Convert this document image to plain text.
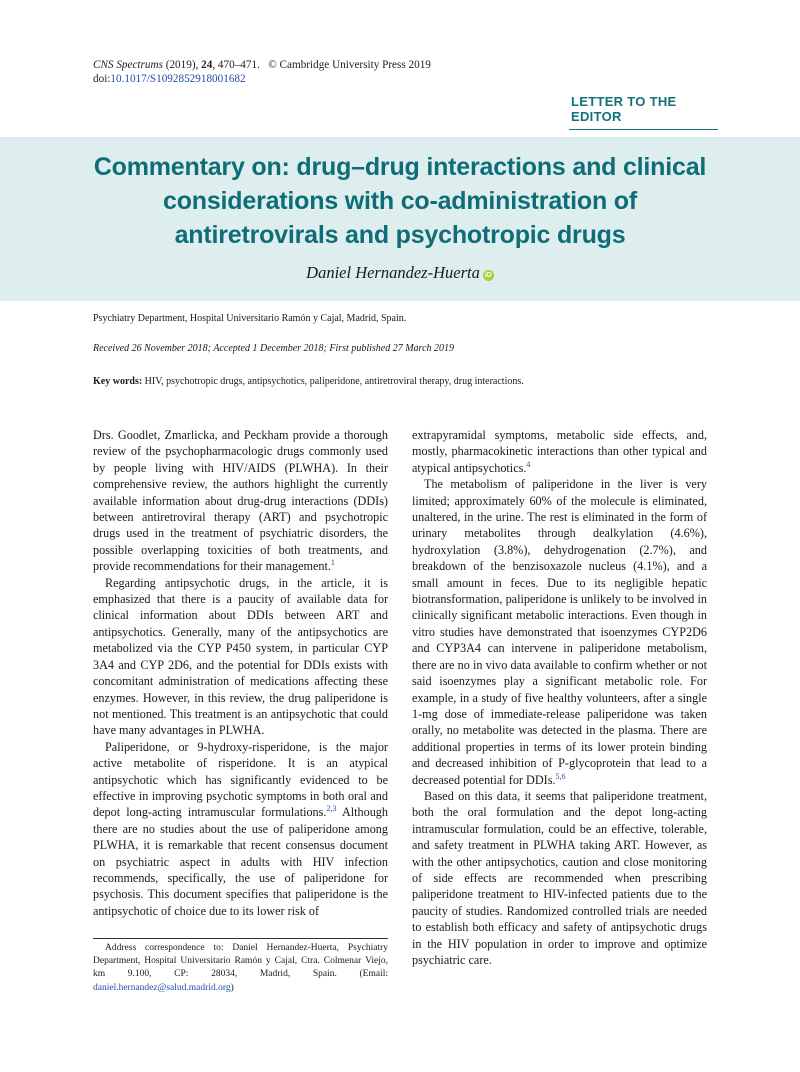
CNS Spectrums (2019), 24, 470–471. © Cambridge University Press 2019
doi:10.1017/S1092852918001682
LETTER TO THE EDITOR
Commentary on: drug–drug interactions and clinical considerations with co-administration of antiretrovirals and psychotropic drugs
Daniel Hernandez-Huerta iD
Psychiatry Department, Hospital Universitario Ramón y Cajal, Madrid, Spain.
Received 26 November 2018; Accepted 1 December 2018; First published 27 March 2019
Key words: HIV, psychotropic drugs, antipsychotics, paliperidone, antiretroviral therapy, drug interactions.

Drs. Goodlet, Zmarlicka, and Peckham provide a thorough review of the psychopharmacologic drugs commonly used by people living with HIV/AIDS (PLWHA). In their comprehensive review, the authors highlight the currently available information about drug-drug interactions (DDIs) between antiretroviral therapy (ART) and psychotropic drugs used in the treatment of psychiatric disorders, the possible overlapping toxicities of both treatments, and provide recommendations for their management.$^1$

Regarding antipsychotic drugs, in the article, it is emphasized that there is a paucity of available data for clinical information about DDIs between ART and antipsychotics. Generally, many of the antipsychotics are metabolized via the CYP P450 system, in particular CYP 3A4 and CYP 2D6, and the potential for DDIs exists with concomitant administration of medications affecting these enzymes. However, in this review, the drug paliperidone is not mentioned. This treatment is an antipsychotic that could have many advantages in PLWHA.

Paliperidone, or 9-hydroxy-risperidone, is the major active metabolite of risperidone. It is an atypical antipsychotic which has significantly evidenced to be effective in improving psychotic symptoms in both oral and depot long-acting intramuscular formulations.$^{2,3}$ Although there are no studies about the use of paliperidone among PLWHA, it is remarkable that recent consensus document on psychiatric aspect in adults with HIV infection recommends, specifically, the use of paliperidone for psychosis. This document specifies that paliperidone is the antipsychotic of choice due to its lower risk of

extrapyramidal symptoms, metabolic side effects, and, mostly, pharmacokinetic interactions than other typical and atypical antipsychotics.$^4$

The metabolism of paliperidone in the liver is very limited; approximately 60% of the molecule is eliminated, unaltered, in the urine. The rest is eliminated in the form of urinary metabolites through dealkylation (4.6%), hydroxylation (3.8%), dehydrogenation (2.7%), and breakdown of the benzisoxazole nucleus (4.1%), and a small amount in feces. Due to its negligible hepatic biotransformation, paliperidone is unlikely to be involved in clinically significant metabolic interactions. Even though in vitro studies have demonstrated that isoenzymes CYP2D6 and CYP3A4 can intervene in paliperidone metabolism, there are no in vivo data available to confirm whether or not said isoenzymes play a significant metabolic role. For example, in a study of five healthy volunteers, after a single 1-mg dose of immediate-release paliperidone was taken orally, no metabolite was detected in the plasma. There are additional properties in terms of its lower protein binding and decreased inhibition of P-glycoprotein that lead to a decreased potential for DDIs.$^{5,6}$

Based on this data, it seems that paliperidone treatment, both the oral formulation and the depot long-acting intramuscular formulation, could be an effective, tolerable, and safety treatment in PLWHA taking ART. However, as with the other antipsychotics, caution and close monitoring of side effects are recommended when prescribing paliperidone treatment to HIV-infected patients due to the paucity of studies. Randomized controlled trials are needed to establish both efficacy and safety of antipsychotic drugs in the HIV population in order to improve and optimize psychiatric care.

Address correspondence to: Daniel Hernandez-Huerta, Psychiatry Department, Hospital Universitario Ramón y Cajal, Ctra. Colmenar Viejo, km 9.100, CP: 28034, Madrid, Spain. (Email: daniel.hernandez@salud.madrid.org)
